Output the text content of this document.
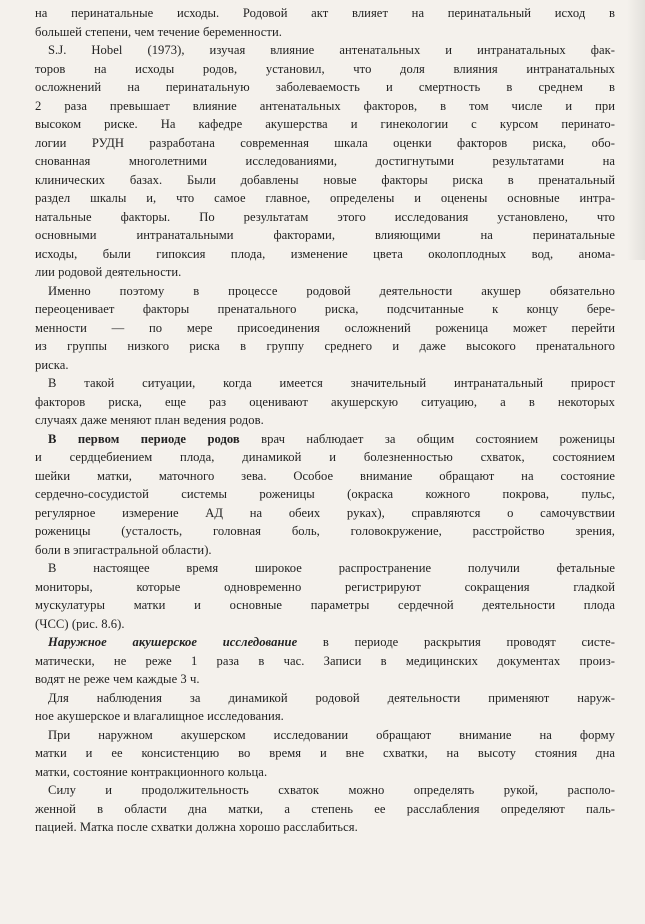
на перинатальные исходы. Родовой акт влияет на перинатальный исход в
большей степени, чем течение беременности.
S.J. Hobel (1973), изучая влияние антенатальных и интранатальных фак-
торов на исходы родов, установил, что доля влияния интранатальных
осложнений на перинатальную заболеваемость и смертность в среднем в
2 раза превышает влияние антенатальных факторов, в том числе и при
высоком риске. На кафедре акушерства и гинекологии с курсом перинато-
логии РУДН разработана современная шкала оценки факторов риска, обо-
снованная многолетними исследованиями, достигнутыми результатами на
клинических базах. Были добавлены новые факторы риска в пренатальный
раздел шкалы и, что самое главное, определены и оценены основные интра-
натальные факторы. По результатам этого исследования установлено, что
основными интранатальными факторами, влияющими на перинатальные
исходы, были гипоксия плода, изменение цвета околоплодных вод, анома-
лии родовой деятельности.
Именно поэтому в процессе родовой деятельности акушер обязательно
переоценивает факторы пренатального риска, подсчитанные к концу бере-
менности — по мере присоединения осложнений роженица может перейти
из группы низкого риска в группу среднего и даже высокого пренатального
риска.
В такой ситуации, когда имеется значительный интранатальный прирост
факторов риска, еще раз оценивают акушерскую ситуацию, а в некоторых
случаях даже меняют план ведения родов.
В первом периоде родов врач наблюдает за общим состоянием роженицы
и сердцебиением плода, динамикой и болезненностью схваток, состоянием
шейки матки, маточного зева. Особое внимание обращают на состояние
сердечно-сосудистой системы роженицы (окраска кожного покрова, пульс,
регулярное измерение АД на обеих руках), справляются о самочувствии
роженицы (усталость, головная боль, головокружение, расстройство зрения,
боли в эпигастральной области).
В настоящее время широкое распространение получили фетальные
мониторы, которые одновременно регистрируют сокращения гладкой
мускулатуры матки и основные параметры сердечной деятельности плода
(ЧСС) (рис. 8.6).
Наружное акушерское исследование в периоде раскрытия проводят систе-
матически, не реже 1 раза в час. Записи в медицинских документах произ-
водят не реже чем каждые 3 ч.
Для наблюдения за динамикой родовой деятельности применяют наруж-
ное акушерское и влагалищное исследования.
При наружном акушерском исследовании обращают внимание на форму
матки и ее консистенцию во время и вне схватки, на высоту стояния дна
матки, состояние контракционного кольца.
Силу и продолжительность схваток можно определять рукой, располо-
женной в области дна матки, а степень ее расслабления определяют паль-
пацией. Матка после схватки должна хорошо расслабиться.
